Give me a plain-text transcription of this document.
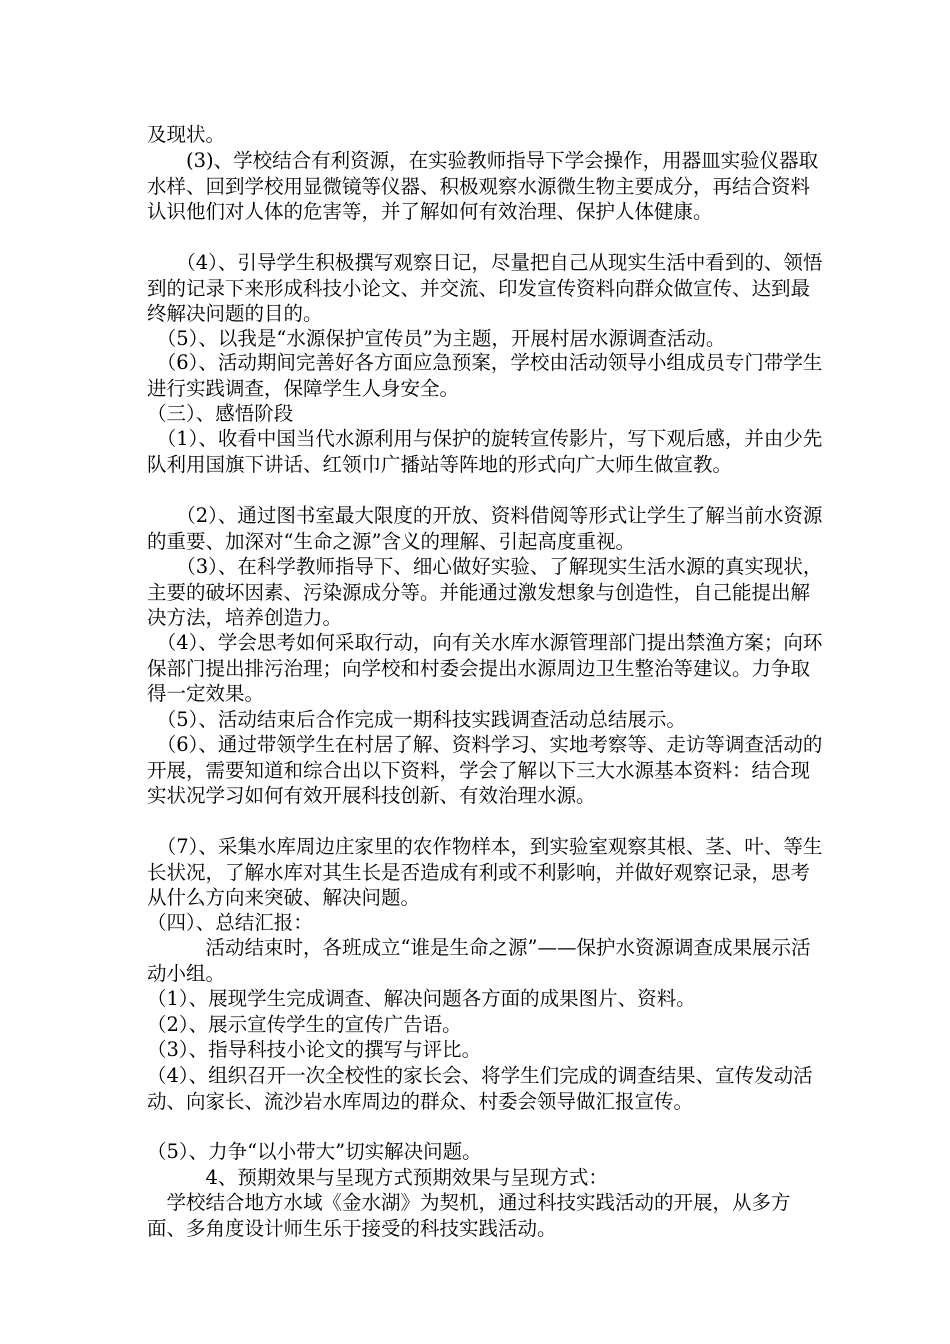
及现状。
　　(3)、学校结合有利资源，在实验教师指导下学会操作，用器皿实验仪器取水样、回到学校用显微镜等仪器、积极观察水源微生物主要成分，再结合资料认识他们对人体的危害等，并了解如何有效治理、保护人体健康。
　　（4）、引导学生积极撰写观察日记，尽量把自己从现实生活中看到的、领悟到的记录下来形成科技小论文、并交流、印发宣传资料向群众做宣传、达到最终解决问题的目的。
　（5）、以我是“水源保护宣传员”为主题，开展村居水源调查活动。
　（6）、活动期间完善好各方面应急预案，学校由活动领导小组成员专门带学生进行实践调查，保障学生人身安全。
（三）、感悟阶段
　（1）、收看中国当代水源利用与保护的旋转宣传影片，写下观后感，并由少先队利用国旗下讲话、红领巾广播站等阵地的形式向广大师生做宣教。
　　（2）、通过图书室最大限度的开放、资料借阅等形式让学生了解当前水资源的重要、加深对“生命之源”含义的理解、引起高度重视。
　　（3）、在科学教师指导下、细心做好实验、了解现实生活水源的真实现状，主要的破坏因素、污染源成分等。并能通过激发想象与创造性，自己能提出解决方法，培养创造力。
　（4）、学会思考如何采取行动，向有关水库水源管理部门提出禁渔方案；向环保部门提出排污治理；向学校和村委会提出水源周边卫生整治等建议。力争取得一定效果。
　（5）、活动结束后合作完成一期科技实践调查活动总结展示。
　（6）、通过带领学生在村居了解、资料学习、实地考察等、走访等调查活动的开展，需要知道和综合出以下资料，学会了解以下三大水源基本资料：结合现实状况学习如何有效开展科技创新、有效治理水源。
　（7）、采集水库周边庄家里的农作物样本，到实验室观察其根、茎、叶、等生长状况，了解水库对其生长是否造成有利或不利影响，并做好观察记录，思考从什么方向来突破、解决问题。
（四）、总结汇报：
　　　活动结束时，各班成立“谁是生命之源”——保护水资源调查成果展示活动小组。
（1）、展现学生完成调查、解决问题各方面的成果图片、资料。
（2）、展示宣传学生的宣传广告语。
（3）、指导科技小论文的撰写与评比。
（4）、组织召开一次全校性的家长会、将学生们完成的调查结果、宣传发动活动、向家长、流沙岩水库周边的群众、村委会领导做汇报宣传。
（5）、力争“以小带大”切实解决问题。
　　　4、预期效果与呈现方式预期效果与呈现方式：
　学校结合地方水域《金水湖》为契机，通过科技实践活动的开展，从多方面、多角度设计师生乐于接受的科技实践活动。
